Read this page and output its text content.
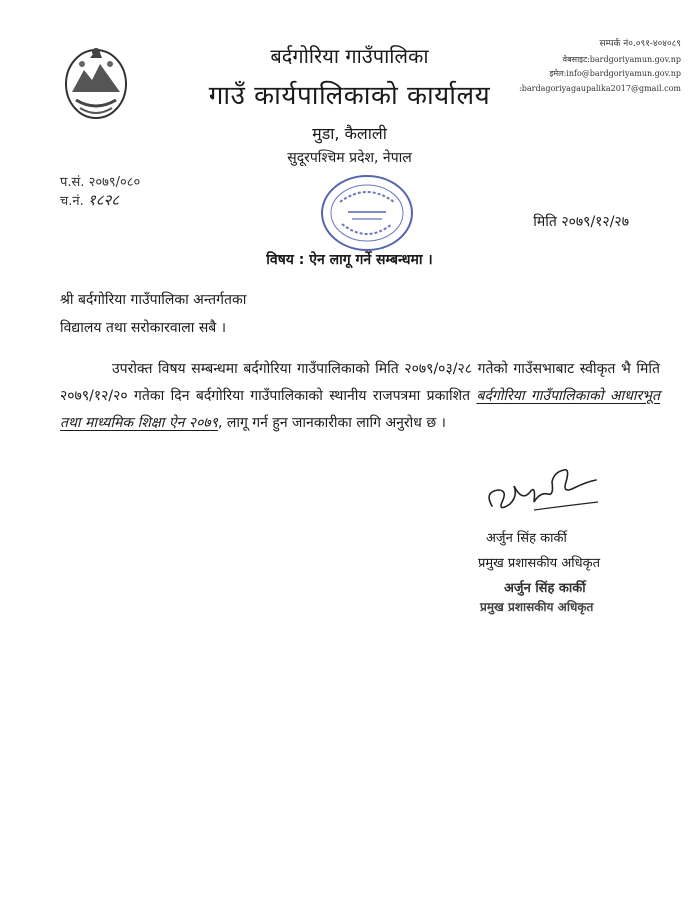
बर्दगोरिया गाउँपालिका
गाउँ कार्यपालिकाको कार्यालय
मुडा, कैलाली
सुदूरपश्चिम प्रदेश, नेपाल
सम्पर्क नं०.०९१-४०४०८९
वेबसाइट:bardgoriyamun.gov.np
इमेल:info@bardgoriyamun.gov.np
:bardagoriyagaupalika2017@gmail.com
प.सं. २०७९/०८०
च.नं. १८२८
मिति २०७९/१२/२७
विषय : ऐन लागू गर्ने सम्बन्धमा ।
श्री बर्दगोरिया गाउँपालिका अन्तर्गतका
विद्यालय तथा सरोकारवाला सबै ।

उपरोक्त विषय सम्बन्धमा बर्दगोरिया गाउँपालिकाको मिति २०७९/०३/२८ गतेको गाउँसभाबाट स्वीकृत भै मिति २०७९/१२/२० गतेका दिन बर्दगोरिया गाउँपालिकाको स्थानीय राजपत्रमा प्रकाशित बर्दगोरिया गाउँपालिकाको आधारभूत तथा माध्यमिक शिक्षा ऐन २०७९, लागू गर्न हुन जानकारीका लागि अनुरोध छ ।

अर्जुन सिंह कार्की
प्रमुख प्रशासकीय अधिकृत
अर्जुन सिंह कार्की
प्रमुख प्रशासकीय अधिकृत
